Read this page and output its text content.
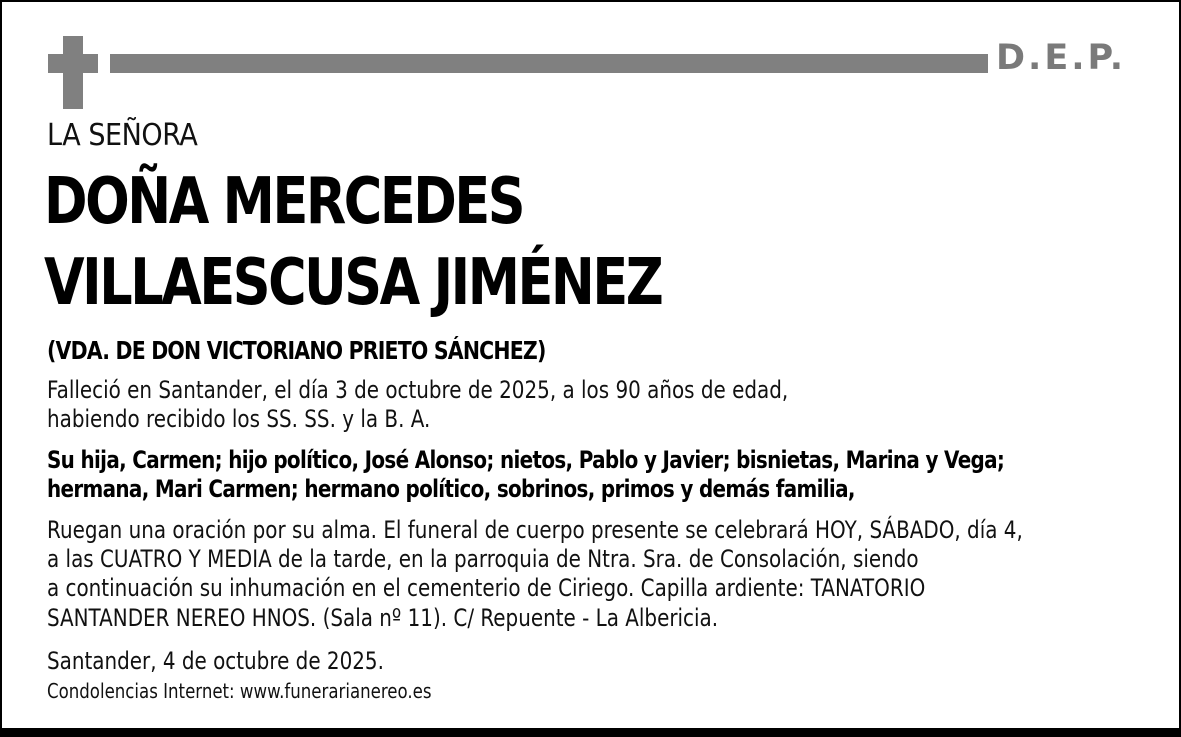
D.E.P.
LA SEÑORA
DOÑA MERCEDES
VILLAESCUSA JIMÉNEZ
(VDA. DE DON VICTORIANO PRIETO SÁNCHEZ)
Falleció en Santander, el día 3 de octubre de 2025, a los 90 años de edad,
habiendo recibido los SS. SS. y la B. A.
Su hija, Carmen; hijo político, José Alonso; nietos, Pablo y Javier; bisnietas, Marina y Vega;
hermana, Mari Carmen; hermano político, sobrinos, primos y demás familia,
Ruegan una oración por su alma. El funeral de cuerpo presente se celebrará HOY, SÁBADO, día 4,
a las CUATRO Y MEDIA de la tarde, en la parroquia de Ntra. Sra. de Consolación, siendo
a continuación su inhumación en el cementerio de Ciriego. Capilla ardiente: TANATORIO
SANTANDER NEREO HNOS. (Sala nº 11). C/ Repuente - La Albericia.
Santander, 4 de octubre de 2025.
Condolencias Internet: www.funerarianereo.es
